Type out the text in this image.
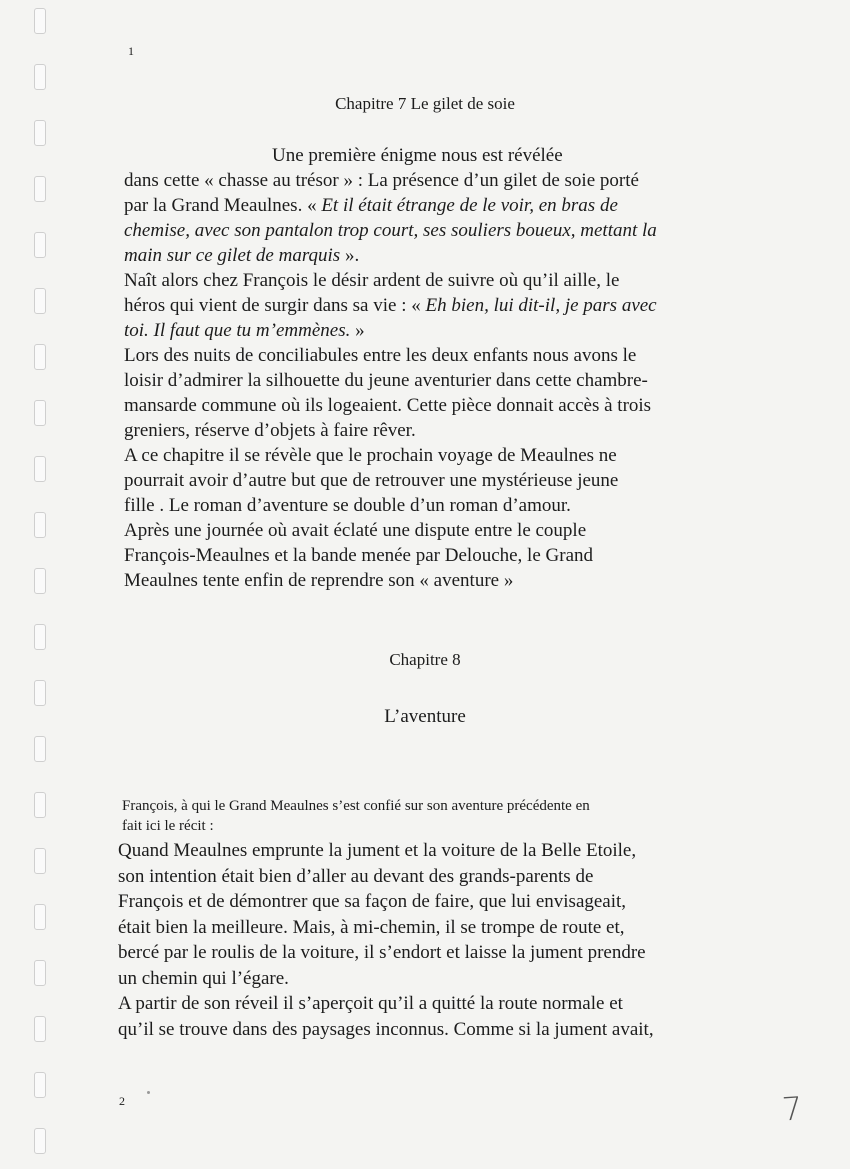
1
Chapitre 7 Le gilet de soie
Une première énigme nous est révélée
dans cette « chasse au trésor » : La présence d’un gilet de soie porté
par la Grand Meaulnes. « Et il était étrange de le voir, en bras de
chemise, avec son pantalon trop court, ses souliers boueux, mettant la
main sur ce gilet de marquis ».
Naît alors chez François le désir ardent de suivre où qu’il aille, le
héros qui vient de surgir dans sa vie : « Eh bien, lui dit-il, je pars avec
toi. Il faut que tu m’emmènes. »
Lors des nuits de conciliabules entre les deux enfants nous avons le
loisir d’admirer la silhouette du jeune aventurier dans cette chambre-
mansarde commune où ils logeaient. Cette pièce donnait accès à trois
greniers, réserve d’objets à faire rêver.
A ce chapitre il se révèle que le prochain voyage de Meaulnes ne
pourrait avoir d’autre but que de retrouver une mystérieuse jeune
fille . Le roman d’aventure se double d’un roman d’amour.
Après une journée où avait éclaté une dispute entre le couple
François-Meaulnes et la bande menée par Delouche, le Grand
Meaulnes tente enfin de reprendre son « aventure »
Chapitre 8
L’aventure
François, à qui le Grand Meaulnes s’est confié sur son aventure précédente en
fait ici le récit :
Quand Meaulnes emprunte la jument et la voiture de la Belle Etoile,
son intention était bien d’aller au devant des grands-parents de
François et de démontrer que sa façon de faire, que lui envisageait,
était bien la meilleure. Mais, à mi-chemin, il se trompe de route et,
bercé par le roulis de la voiture, il s’endort et laisse la jument prendre
un chemin qui l’égare.
A partir de son réveil il s’aperçoit qu’il a quitté la route normale et
qu’il se trouve dans des paysages inconnus. Comme si la jument avait,
2	7
